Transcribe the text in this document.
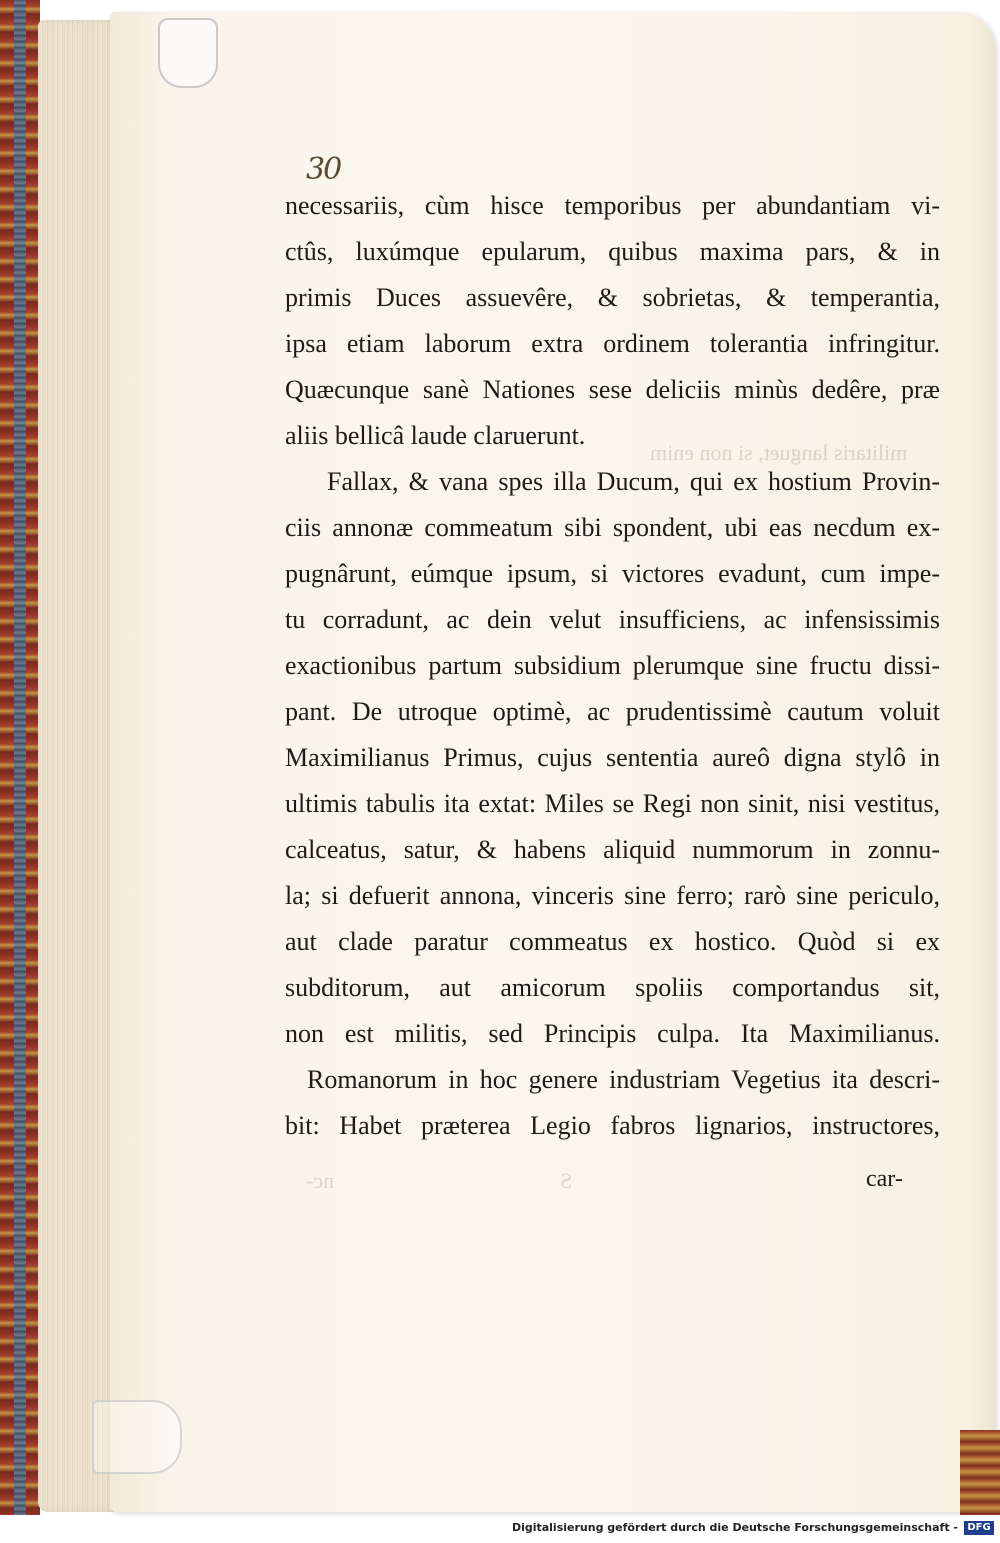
S
nc-
militaris languet, si non enim
30
necessariis, cùm hisce temporibus per abundantiam vi-
ctûs, luxúmque epularum, quibus maxima pars, & in
primis Duces assuevêre, & sobrietas, & temperantia,
ipsa etiam laborum extra ordinem tolerantia infringitur.
Quæcunque sanè Nationes sese deliciis minùs dedêre, præ
aliis bellicâ laude claruerunt.
Fallax, & vana spes illa Ducum, qui ex hostium Provin-
ciis annonæ commeatum sibi spondent, ubi eas necdum ex-
pugnârunt, eúmque ipsum, si victores evadunt, cum impe-
tu corradunt, ac dein velut insufficiens, ac infensissimis
exactionibus partum subsidium plerumque sine fructu dissi-
pant. De utroque optimè, ac prudentissimè cautum voluit
Maximilianus Primus, cujus sententia aureô digna stylô in
ultimis tabulis ita extat: Miles se Regi non sinit, nisi vestitus,
calceatus, satur, & habens aliquid nummorum in zonnu-
la; si defuerit annona, vinceris sine ferro; rarò sine periculo,
aut clade paratur commeatus ex hostico. Quòd si ex
subditorum, aut amicorum spoliis comportandus sit,
non est militis, sed Principis culpa. Ita Maximilianus.
Romanorum in hoc genere industriam Vegetius ita descri-
bit: Habet præterea Legio fabros lignarios, instructores,
car-
Digitalisierung gefördert durch die Deutsche Forschungsgemeinschaft - DFG
